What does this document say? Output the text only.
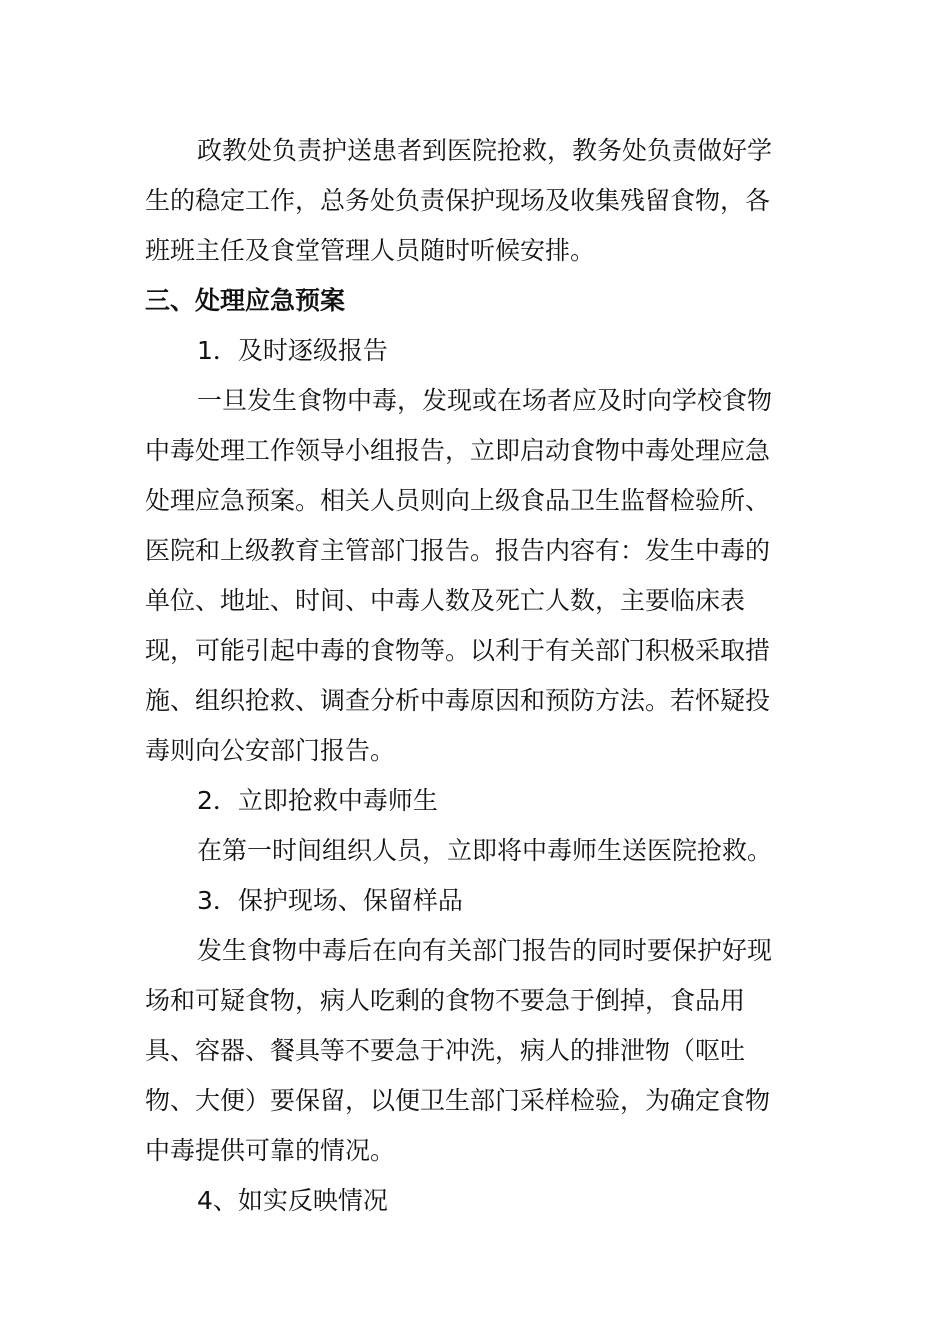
政教处负责护送患者到医院抢救，教务处负责做好学
生的稳定工作，总务处负责保护现场及收集残留食物，各
班班主任及食堂管理人员随时听候安排。
三、处理应急预案
1．及时逐级报告
一旦发生食物中毒，发现或在场者应及时向学校食物
中毒处理工作领导小组报告，立即启动食物中毒处理应急
处理应急预案。相关人员则向上级食品卫生监督检验所、
医院和上级教育主管部门报告。报告内容有：发生中毒的
单位、地址、时间、中毒人数及死亡人数，主要临床表
现，可能引起中毒的食物等。以利于有关部门积极采取措
施、组织抢救、调查分析中毒原因和预防方法。若怀疑投
毒则向公安部门报告。
2．立即抢救中毒师生
在第一时间组织人员，立即将中毒师生送医院抢救。
3．保护现场、保留样品
发生食物中毒后在向有关部门报告的同时要保护好现
场和可疑食物，病人吃剩的食物不要急于倒掉，食品用
具、容器、餐具等不要急于冲洗，病人的排泄物（呕吐
物、大便）要保留，以便卫生部门采样检验，为确定食物
中毒提供可靠的情况。
4、如实反映情况
